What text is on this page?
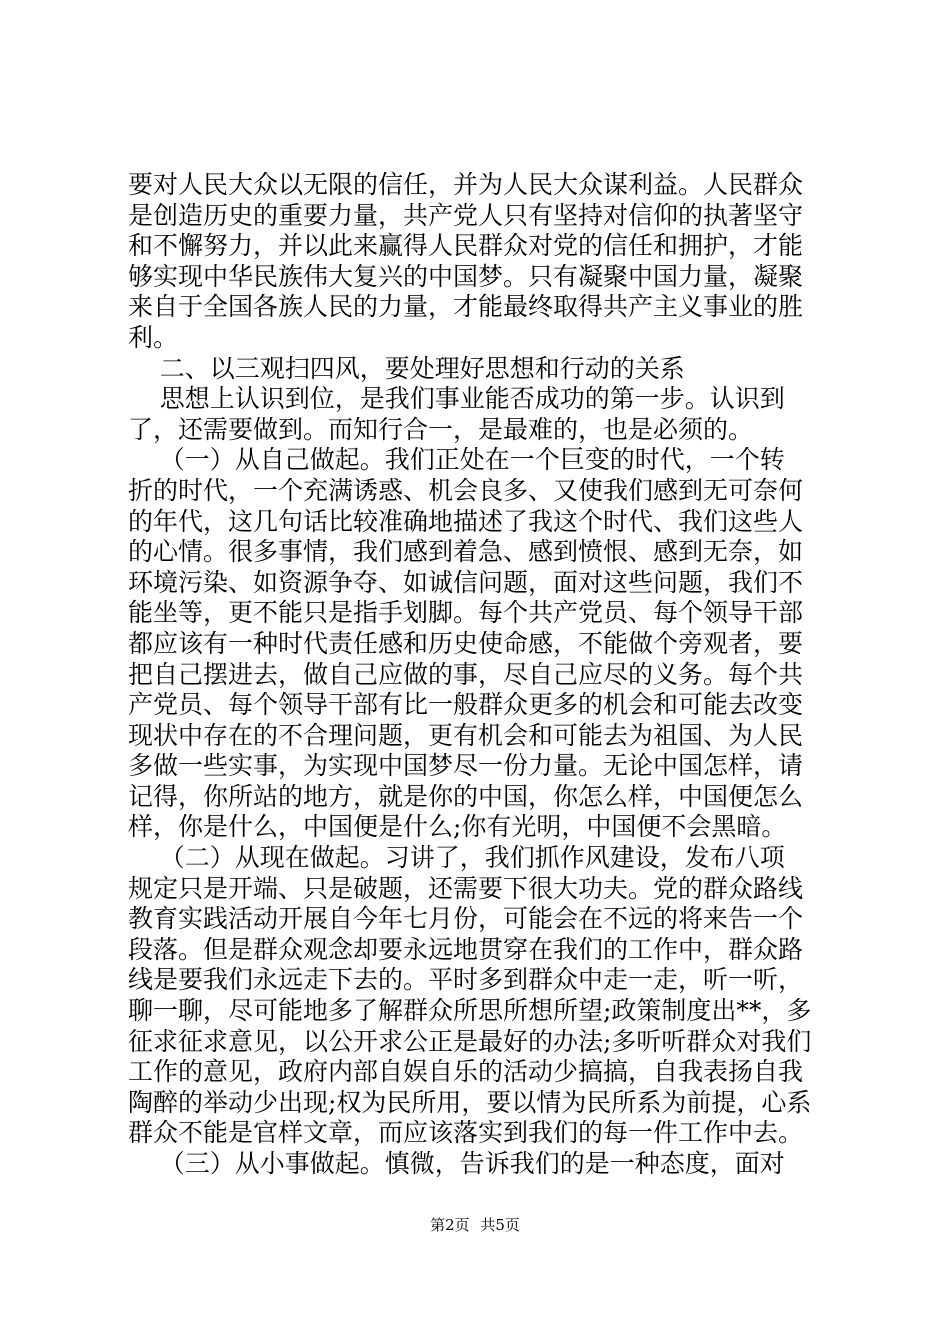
要对人民大众以无限的信任，并为人民大众谋利益。人民群众
是创造历史的重要力量，共产党人只有坚持对信仰的执著坚守
和不懈努力，并以此来赢得人民群众对党的信任和拥护，才能
够实现中华民族伟大复兴的中国梦。只有凝聚中国力量，凝聚
来自于全国各族人民的力量，才能最终取得共产主义事业的胜
利。
二、以三观扫四风，要处理好思想和行动的关系
思想上认识到位，是我们事业能否成功的第一步。认识到
了，还需要做到。而知行合一，是最难的，也是必须的。
（一）从自己做起。我们正处在一个巨变的时代，一个转
折的时代，一个充满诱惑、机会良多、又使我们感到无可奈何
的年代，这几句话比较准确地描述了我这个时代、我们这些人
的心情。很多事情，我们感到着急、感到愤恨、感到无奈，如
环境污染、如资源争夺、如诚信问题，面对这些问题，我们不
能坐等，更不能只是指手划脚。每个共产党员、每个领导干部
都应该有一种时代责任感和历史使命感，不能做个旁观者，要
把自己摆进去，做自己应做的事，尽自己应尽的义务。每个共
产党员、每个领导干部有比一般群众更多的机会和可能去改变
现状中存在的不合理问题，更有机会和可能去为祖国、为人民
多做一些实事，为实现中国梦尽一份力量。无论中国怎样，请
记得，你所站的地方，就是你的中国，你怎么样，中国便怎么
样，你是什么，中国便是什么;你有光明，中国便不会黑暗。
（二）从现在做起。习讲了，我们抓作风建设，发布八项
规定只是开端、只是破题，还需要下很大功夫。党的群众路线
教育实践活动开展自今年七月份，可能会在不远的将来告一个
段落。但是群众观念却要永远地贯穿在我们的工作中，群众路
线是要我们永远走下去的。平时多到群众中走一走，听一听，
聊一聊，尽可能地多了解群众所思所想所望;政策制度出**，多
征求征求意见，以公开求公正是最好的办法;多听听群众对我们
工作的意见，政府内部自娱自乐的活动少搞搞，自我表扬自我
陶醉的举动少出现;权为民所用，要以情为民所系为前提，心系
群众不能是官样文章，而应该落实到我们的每一件工作中去。
（三）从小事做起。慎微，告诉我们的是一种态度，面对
第2页 共5页
